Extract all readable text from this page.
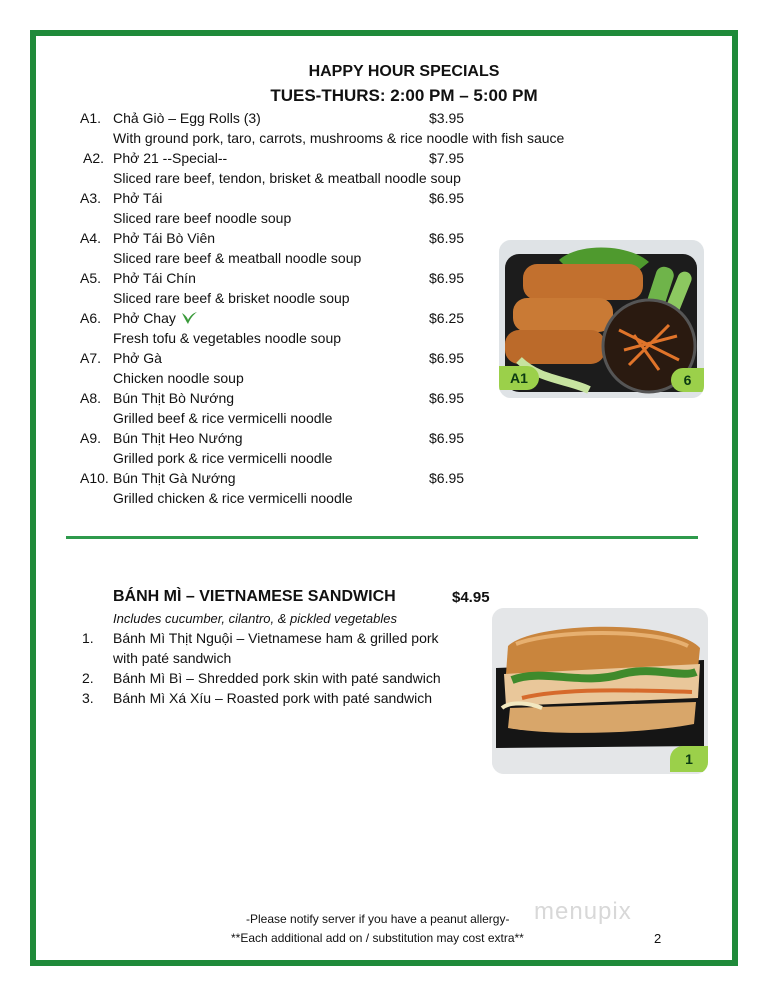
HAPPY HOUR SPECIALS
TUES-THURS: 2:00 PM – 5:00 PM
A1. Chả Giò – Egg Rolls (3)	$3.95
With ground pork, taro, carrots, mushrooms & rice noodle with fish sauce
A2. Phở 21 --Special--	$7.95
Sliced rare beef, tendon, brisket & meatball noodle soup
A3. Phở Tái	$6.95
Sliced rare beef noodle soup
A4. Phở Tái Bò Viên	$6.95
Sliced rare beef & meatball noodle soup
A5. Phở Tái Chín	$6.95
Sliced rare beef & brisket noodle soup
A6. Phở Chay	$6.25
Fresh tofu & vegetables noodle soup
A7. Phở Gà	$6.95
Chicken noodle soup
A8. Bún Thịt Bò Nướng	$6.95
Grilled beef & rice vermicelli noodle
A9. Bún Thịt Heo Nướng	$6.95
Grilled pork & rice vermicelli noodle
A10. Bún Thịt Gà Nướng	$6.95
Grilled chicken & rice vermicelli noodle
A1	6
BÁNH MÌ – VIETNAMESE SANDWICH	$4.95
Includes cucumber, cilantro, & pickled vegetables
1. Bánh Mì Thịt Nguội – Vietnamese ham & grilled pork
with paté sandwich
2. Bánh Mì Bì – Shredded pork skin with paté sandwich
3. Bánh Mì Xá Xíu – Roasted pork with paté sandwich
1
menupix
-Please notify server if you have a peanut allergy-
**Each additional add on / substitution may cost extra**	2
